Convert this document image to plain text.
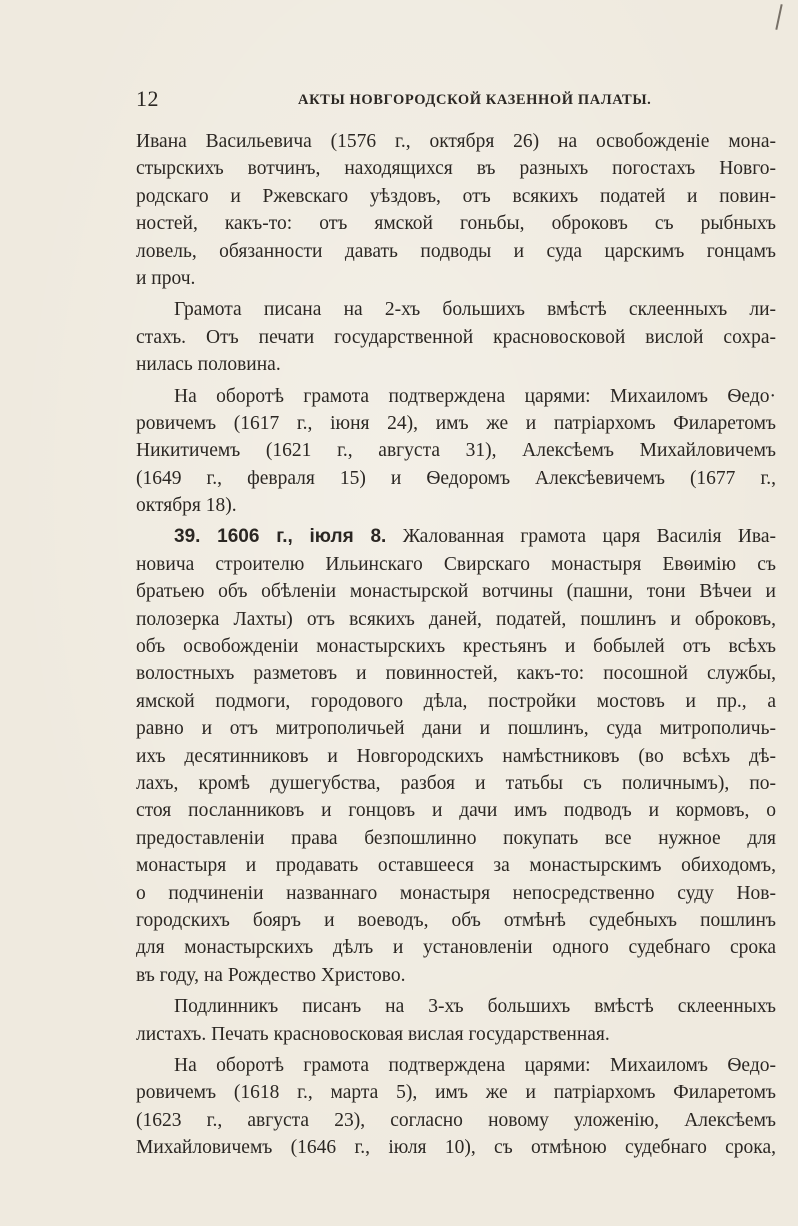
12	АКТЫ НОВГОРОДСКОЙ КАЗЕННОЙ ПАЛАТЫ.
Ивана Васильевича (1576 г., октября 26) на освобожденіе мона-
стырскихъ вотчинъ, находящихся въ разныхъ погостахъ Новго-
родскаго и Ржевскаго уѣздовъ, отъ всякихъ податей и повин-
ностей, какъ-то: отъ ямской гоньбы, оброковъ съ рыбныхъ
ловель, обязанности давать подводы и суда царскимъ гонцамъ
и проч.
Грамота писана на 2-хъ большихъ вмѣстѣ склеенныхъ ли-
стахъ. Отъ печати государственной красновосковой вислой сохра-
нилась половина.
На оборотѣ грамота подтверждена царями: Михаиломъ Ѳедо·
ровичемъ (1617 г., іюня 24), имъ же и патріархомъ Филаретомъ
Никитичемъ (1621 г., августа 31), Алексѣемъ Михайловичемъ
(1649 г., февраля 15) и Ѳедоромъ Алексѣевичемъ (1677 г.,
октября 18).
39. 1606 г., іюля 8. Жалованная грамота царя Василія Ива-
новича строителю Ильинскаго Свирскаго монастыря Евѳимію съ
братьею объ обѣленіи монастырской вотчины (пашни, тони Вѣчеи и
полозерка Лахты) отъ всякихъ даней, податей, пошлинъ и оброковъ,
объ освобожденіи монастырскихъ крестьянъ и бобылей отъ всѣхъ
волостныхъ разметовъ и повинностей, какъ-то: посошной службы,
ямской подмоги, городового дѣла, постройки мостовъ и пр., а
равно и отъ митрополичьей дани и пошлинъ, суда митрополичь-
ихъ десятинниковъ и Новгородскихъ намѣстниковъ (во всѣхъ дѣ-
лахъ, кромѣ душегубства, разбоя и татьбы съ поличнымъ), по-
стоя посланниковъ и гонцовъ и дачи имъ подводъ и кормовъ, о
предоставленіи права безпошлинно покупать все нужное для
монастыря и продавать оставшееся за монастырскимъ обиходомъ,
о подчиненіи названнаго монастыря непосредственно суду Нов-
городскихъ бояръ и воеводъ, объ отмѣнѣ судебныхъ пошлинъ
для монастырскихъ дѣлъ и установленіи одного судебнаго срока
въ году, на Рождество Христово.
Подлинникъ писанъ на 3-хъ большихъ вмѣстѣ склеенныхъ
листахъ. Печать красновосковая вислая государственная.
На оборотѣ грамота подтверждена царями: Михаиломъ Ѳедо-
ровичемъ (1618 г., марта 5), имъ же и патріархомъ Филаретомъ
(1623 г., августа 23), согласно новому уложенію, Алексѣемъ
Михайловичемъ (1646 г., іюля 10), съ отмѣною судебнаго срока,
